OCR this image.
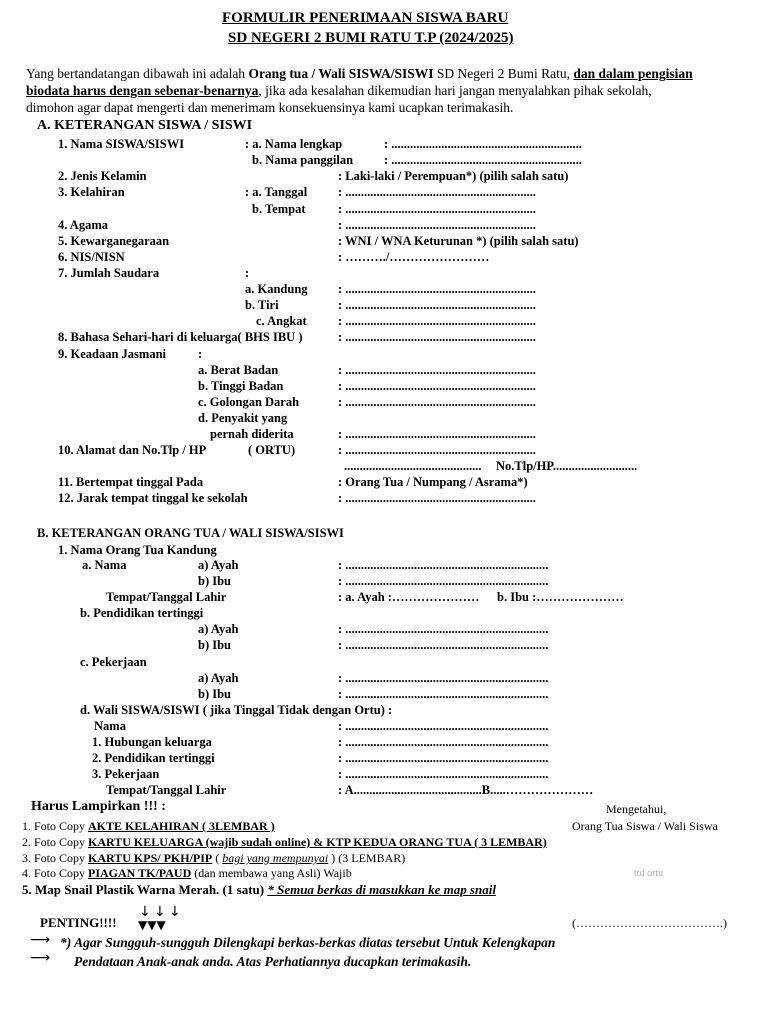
FORMULIR PENERIMAAN SISWA BARU
SD NEGERI 2 BUMI RATU T.P (2024/2025)
Yang bertandatangan dibawah ini adalah Orang tua / Wali SISWA/SISWI SD Negeri 2 Bumi Ratu, dan dalam pengisian
biodata harus dengan sebenar-benarnya, jika ada kesalahan dikemudian hari jangan menyalahkan pihak sekolah,
dimohon agar dapat mengerti dan menerimam konsekuensinya kami ucapkan terimakasih.
A. KETERANGAN SISWA / SISWI
1. Nama SISWA/SISWI	: a. Nama lengkap	: .............................................................
b. Nama panggilan : .............................................................
2. Jenis Kelamin	: Laki-laki / Perempuan*) (pilih salah satu)
3. Kelahiran	: a. Tanggal : .............................................................
b. Tempat	: .............................................................
4. Agama	: .............................................................
5. Kewarganegaraan	: WNI / WNA Keturunan *) (pilih salah satu)
6. NIS/NISN	: ………./……………………
7. Jumlah Saudara	:
a. Kandung : .............................................................
b. Tiri	: .............................................................
c. Angkat	: .............................................................
8. Bahasa Sehari-hari di keluarga( BHS IBU )	: .............................................................
9. Keadaan Jasmani	:
a. Berat Badan	: .............................................................
b. Tinggi Badan	: .............................................................
c. Golongan Darah	: .............................................................
d. Penyakit yang
pernah diderita	: .............................................................
10. Alamat dan No.Tlp / HP	( ORTU)	: .............................................................
............................................ No.Tlp/HP...........................
11. Bertempat tinggal Pada	: Orang Tua / Numpang / Asrama*)
12. Jarak tempat tinggal ke sekolah	: .............................................................
B. KETERANGAN ORANG TUA / WALI SISWA/SISWI
1. Nama Orang Tua Kandung
a. Nama	a) Ayah	: .................................................................
b) Ibu	: .................................................................
Tempat/Tanggal Lahir	: a. Ayah :………………… b. Ibu :…………………
b. Pendidikan tertinggi
a) Ayah	: .................................................................
b) Ibu	: .................................................................
c. Pekerjaan
a) Ayah	: .................................................................
b) Ibu	: .................................................................
d. Wali SISWA/SISWI ( jika Tinggal Tidak dengan Ortu) :
Nama	: .................................................................
1. Hubungan keluarga	: .................................................................
2. Pendidikan tertinggi	: .................................................................
3. Pekerjaan	: .................................................................
Tempat/Tanggal Lahir	: A.........................................B.....…………………
Harus Lampirkan !!! :
1. Foto Copy AKTE KELAHIRAN ( 3LEMBAR )
2. Foto Copy KARTU KELUARGA (wajib sudah online) & KTP KEDUA ORANG TUA ( 3 LEMBAR)
3. Foto Copy KARTU KPS/ PKH/PIP ( bagi yang mempunyai ) (3 LEMBAR)
4. Foto Copy PIAGAN TK/PAUD (dan membawa yang Asli) Wajib
5. Map Snail Plastik Warna Merah. (1 satu) * Semua berkas di masukkan ke map snail
Mengetahui,
Orang Tua Siswa / Wali Siswa
ttd ortu
(……………………………….)
PENTING!!!!
↓ ↓ ↓
▼▼▼
⟶
⟶
*) Agar Sungguh-sungguh Dilengkapi berkas-berkas diatas tersebut Untuk Kelengkapan
Pendataan Anak-anak anda. Atas Perhatiannya ducapkan terimakasih.
